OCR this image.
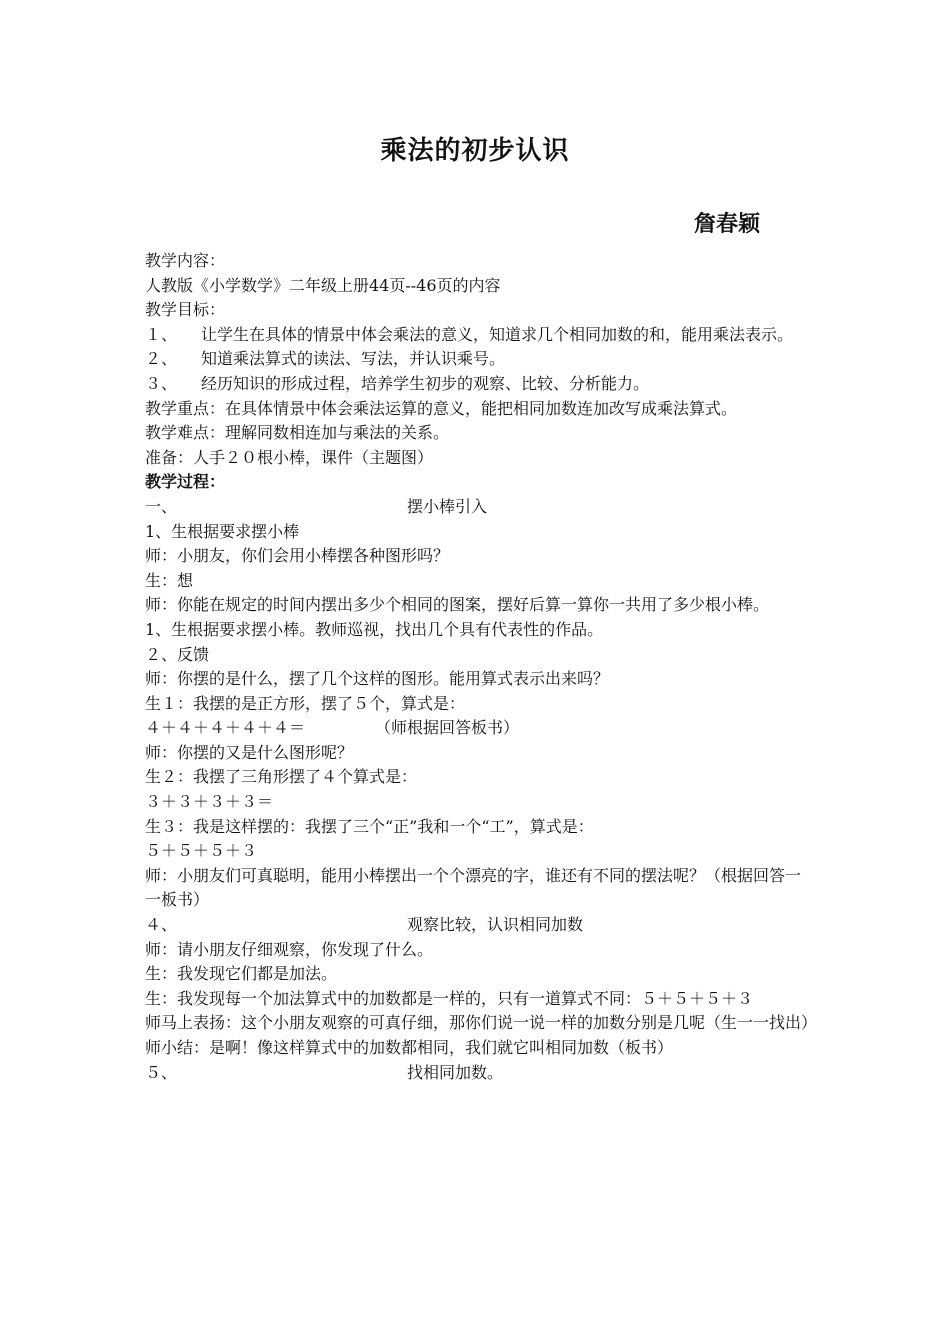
乘法的初步认识
詹春颖

教学内容：

人教版《小学数学》二年级上册44页--46页的内容

教学目标：

１、 让学生在具体的情景中体会乘法的意义，知道求几个相同加数的和，能用乘法表示。

２、 知道乘法算式的读法、写法，并认识乘号。

３、 经历知识的形成过程，培养学生初步的观察、比较、分析能力。

教学重点：在具体情景中体会乘法运算的意义，能把相同加数连加改写成乘法算式。

教学难点：理解同数相连加与乘法的关系。

准备：人手２０根小棒，课件（主题图）

教学过程：

一、	摆小棒引入

1、生根据要求摆小棒

师：小朋友，你们会用小棒摆各种图形吗？

生：想

师：你能在规定的时间内摆出多少个相同的图案，摆好后算一算你一共用了多少根小棒。

1、生根据要求摆小棒。教师巡视，找出几个具有代表性的作品。

２、反馈

师：你摆的是什么，摆了几个这样的图形。能用算式表示出来吗？

生１：我摆的是正方形，摆了５个，算式是：

４＋４＋４＋４＋４＝	（师根据回答板书）

师：你摆的又是什么图形呢？

生２：我摆了三角形摆了４个算式是：

３＋３＋３＋３＝

生３：我是这样摆的：我摆了三个“正”我和一个“工”，算式是：

５＋５＋５＋３

师：小朋友们可真聪明，能用小棒摆出一个个漂亮的字，谁还有不同的摆法呢？（根据回答一一板书）

４、	观察比较，认识相同加数

师：请小朋友仔细观察，你发现了什么。

生：我发现它们都是加法。

生：我发现每一个加法算式中的加数都是一样的，只有一道算式不同：５＋５＋５＋３

师马上表扬：这个小朋友观察的可真仔细，那你们说一说一样的加数分别是几呢（生一一找出）

师小结：是啊！像这样算式中的加数都相同，我们就它叫相同加数（板书）

５、	找相同加数。
